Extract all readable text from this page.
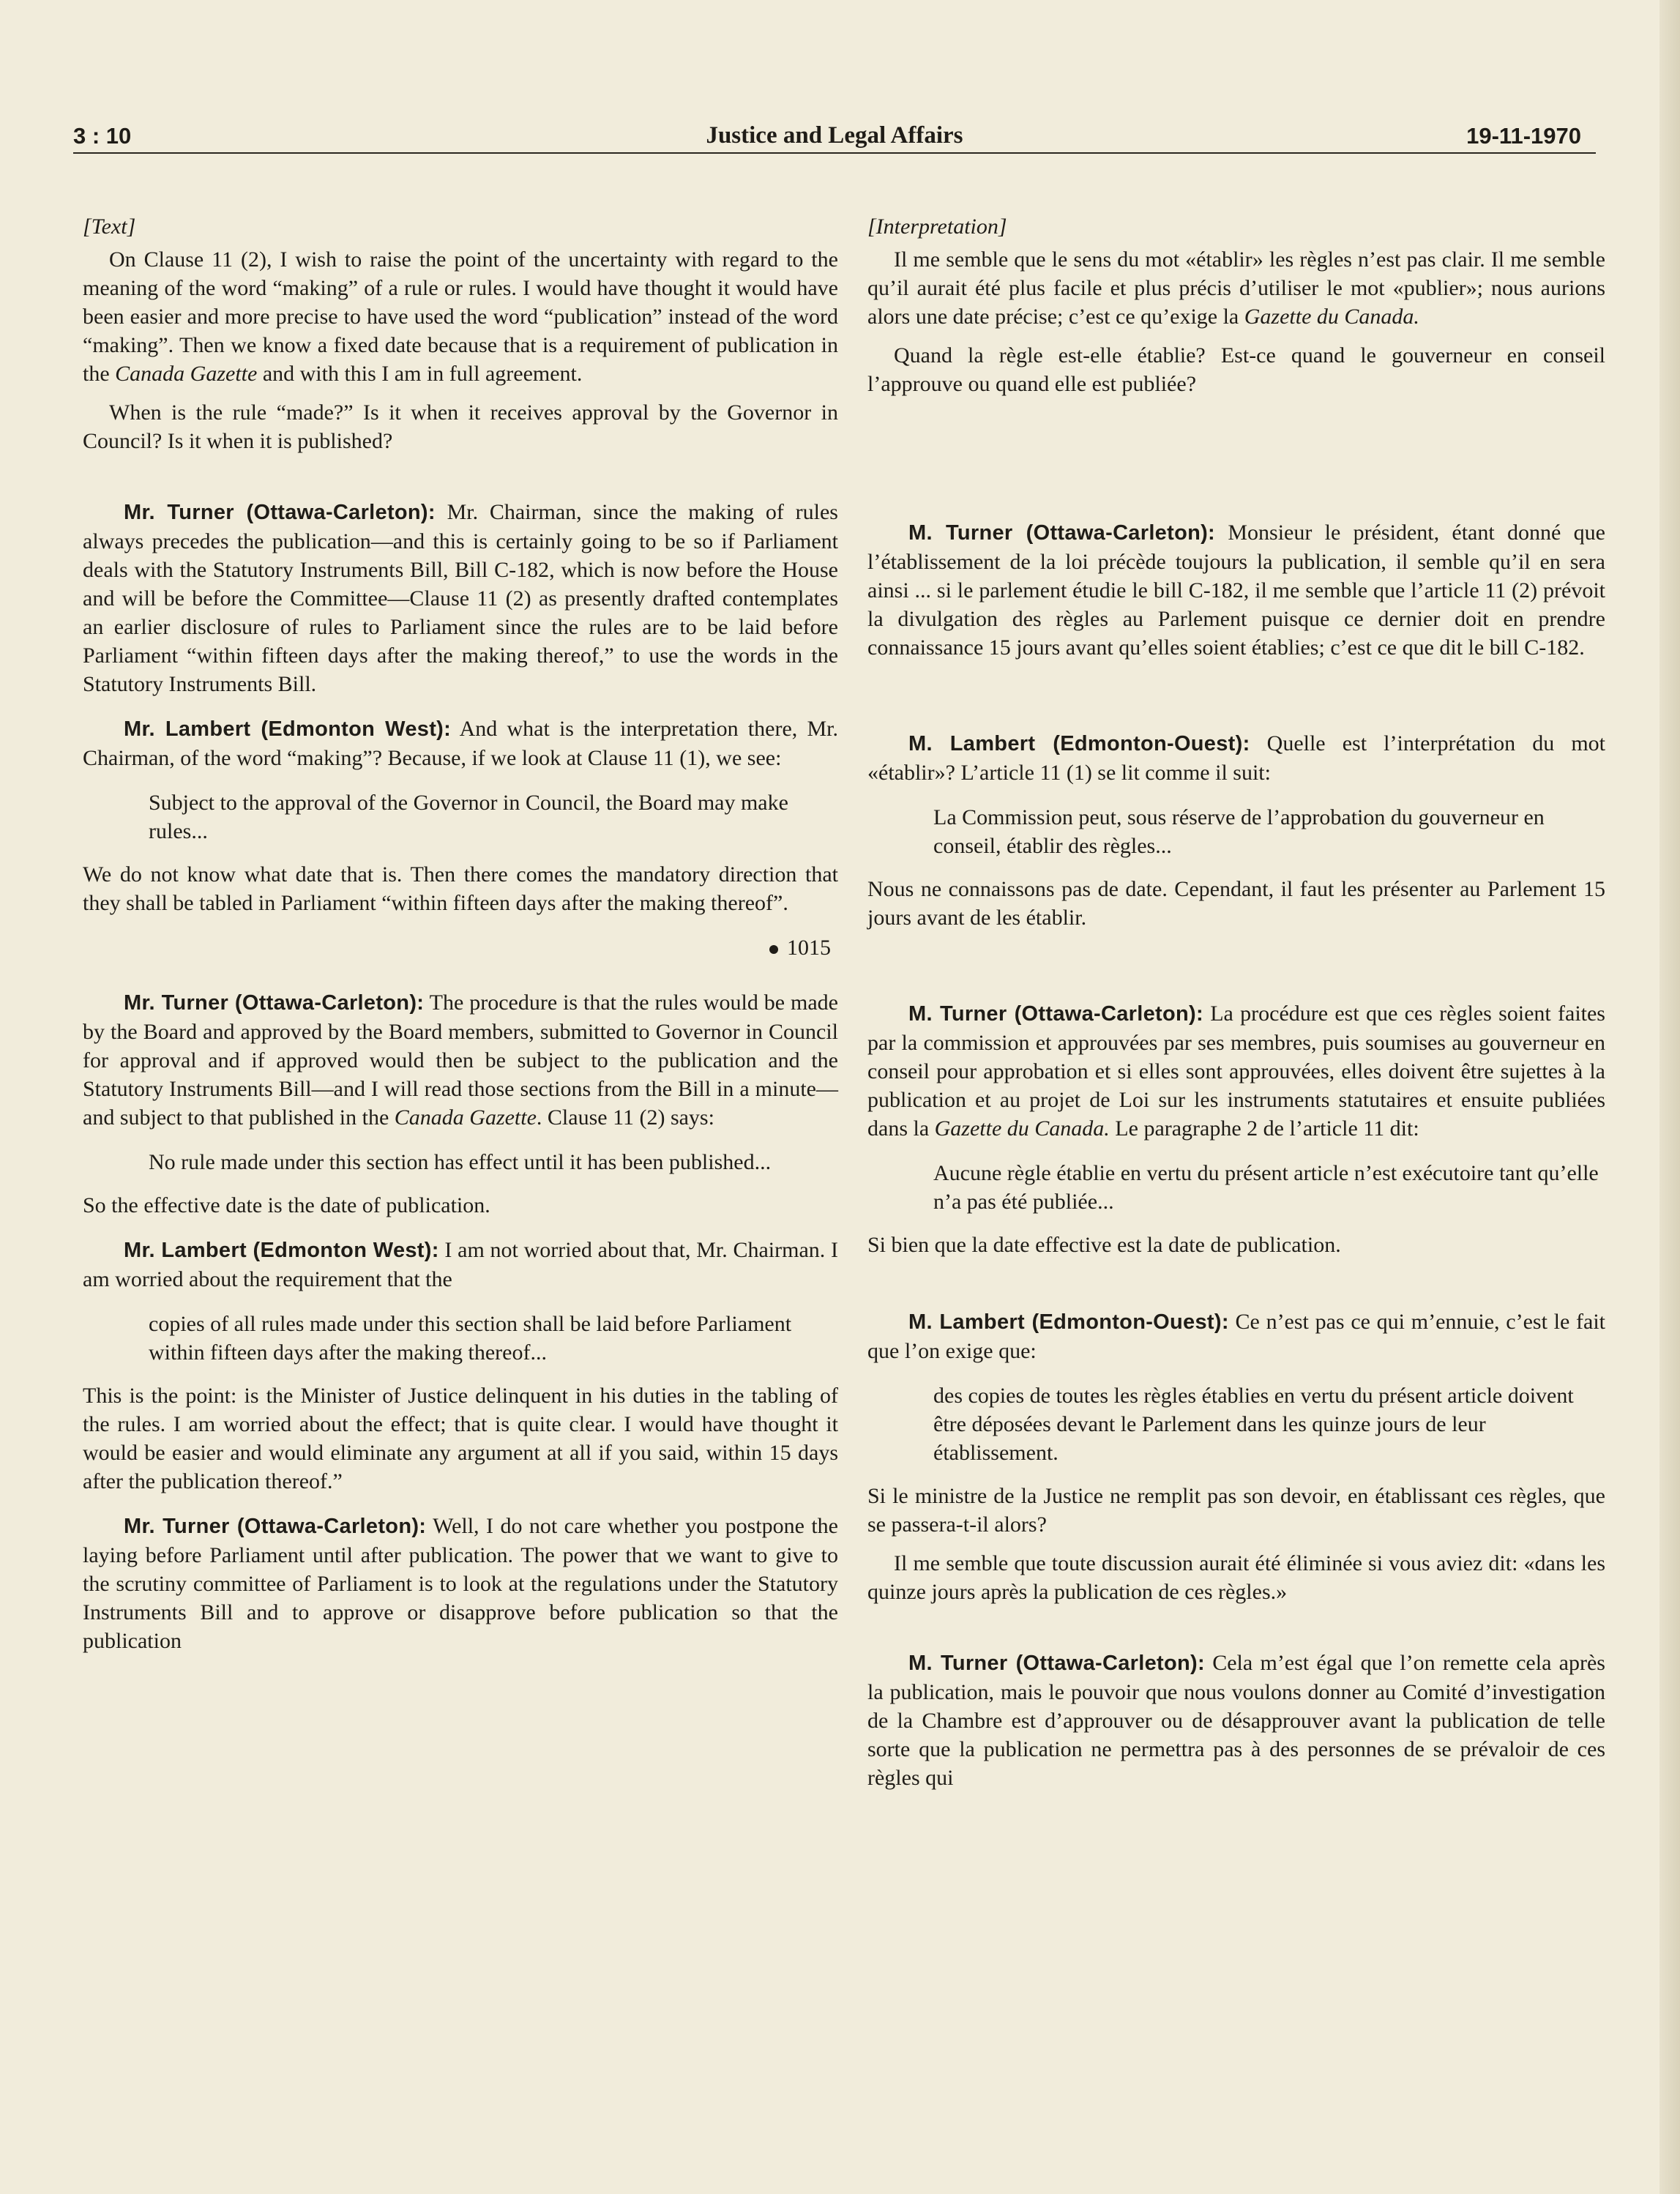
3 : 10	Justice and Legal Affairs	19-11-1970

[Text]

On Clause 11 (2), I wish to raise the point of the uncertainty with regard to the meaning of the word “making” of a rule or rules. I would have thought it would have been easier and more precise to have used the word “publication” instead of the word “making”. Then we know a fixed date because that is a requirement of publication in the Canada Gazette and with this I am in full agreement.

When is the rule “made?” Is it when it receives approval by the Governor in Council? Is it when it is published?

Mr. Turner (Ottawa-Carleton): Mr. Chairman, since the making of rules always precedes the publication—and this is certainly going to be so if Parliament deals with the Statutory Instruments Bill, Bill C-182, which is now before the House and will be before the Committee—Clause 11 (2) as presently drafted contemplates an earlier disclosure of rules to Parliament since the rules are to be laid before Parliament “within fifteen days after the making thereof,” to use the words in the Statutory Instruments Bill.

Mr. Lambert (Edmonton West): And what is the interpretation there, Mr. Chairman, of the word “making”? Because, if we look at Clause 11 (1), we see:

Subject to the approval of the Governor in Council, the Board may make rules...

We do not know what date that is. Then there comes the mandatory direction that they shall be tabled in Parliament “within fifteen days after the making thereof”.

1015

Mr. Turner (Ottawa-Carleton): The procedure is that the rules would be made by the Board and approved by the Board members, submitted to Governor in Council for approval and if approved would then be subject to the publication and the Statutory Instruments Bill—and I will read those sections from the Bill in a minute—and subject to that published in the Canada Gazette. Clause 11 (2) says:

No rule made under this section has effect until it has been published...

So the effective date is the date of publication.

Mr. Lambert (Edmonton West): I am not worried about that, Mr. Chairman. I am worried about the requirement that the

copies of all rules made under this section shall be laid before Parliament within fifteen days after the making thereof...

This is the point: is the Minister of Justice delinquent in his duties in the tabling of the rules. I am worried about the effect; that is quite clear. I would have thought it would be easier and would eliminate any argument at all if you said, within 15 days after the publication thereof.”

Mr. Turner (Ottawa-Carleton): Well, I do not care whether you postpone the laying before Parliament until after publication. The power that we want to give to the scrutiny committee of Parliament is to look at the regulations under the Statutory Instruments Bill and to approve or disapprove before publication so that the publication

[Interpretation]

Il me semble que le sens du mot «établir» les règles n’est pas clair. Il me semble qu’il aurait été plus facile et plus précis d’utiliser le mot «publier»; nous aurions alors une date précise; c’est ce qu’exige la Gazette du Canada.

Quand la règle est-elle établie? Est-ce quand le gouverneur en conseil l’approuve ou quand elle est publiée?

M. Turner (Ottawa-Carleton): Monsieur le président, étant donné que l’établissement de la loi précède toujours la publication, il semble qu’il en sera ainsi ... si le parlement étudie le bill C-182, il me semble que l’article 11 (2) prévoit la divulgation des règles au Parlement puisque ce dernier doit en prendre connaissance 15 jours avant qu’elles soient établies; c’est ce que dit le bill C-182.

M. Lambert (Edmonton-Ouest): Quelle est l’interprétation du mot «établir»? L’article 11 (1) se lit comme il suit:

La Commission peut, sous réserve de l’approbation du gouverneur en conseil, établir des règles...

Nous ne connaissons pas de date. Cependant, il faut les présenter au Parlement 15 jours avant de les établir.

M. Turner (Ottawa-Carleton): La procédure est que ces règles soient faites par la commission et approuvées par ses membres, puis soumises au gouverneur en conseil pour approbation et si elles sont approuvées, elles doivent être sujettes à la publication et au projet de Loi sur les instruments statutaires et ensuite publiées dans la Gazette du Canada. Le paragraphe 2 de l’article 11 dit:

Aucune règle établie en vertu du présent article n’est exécutoire tant qu’elle n’a pas été publiée...

Si bien que la date effective est la date de publication.

M. Lambert (Edmonton-Ouest): Ce n’est pas ce qui m’ennuie, c’est le fait que l’on exige que:

des copies de toutes les règles établies en vertu du présent article doivent être déposées devant le Parlement dans les quinze jours de leur établissement.

Si le ministre de la Justice ne remplit pas son devoir, en établissant ces règles, que se passera-t-il alors?

Il me semble que toute discussion aurait été éliminée si vous aviez dit: «dans les quinze jours après la publication de ces règles.»

M. Turner (Ottawa-Carleton): Cela m’est égal que l’on remette cela après la publication, mais le pouvoir que nous voulons donner au Comité d’investigation de la Chambre est d’approuver ou de désapprouver avant la publication de telle sorte que la publication ne permettra pas à des personnes de se prévaloir de ces règles qui
